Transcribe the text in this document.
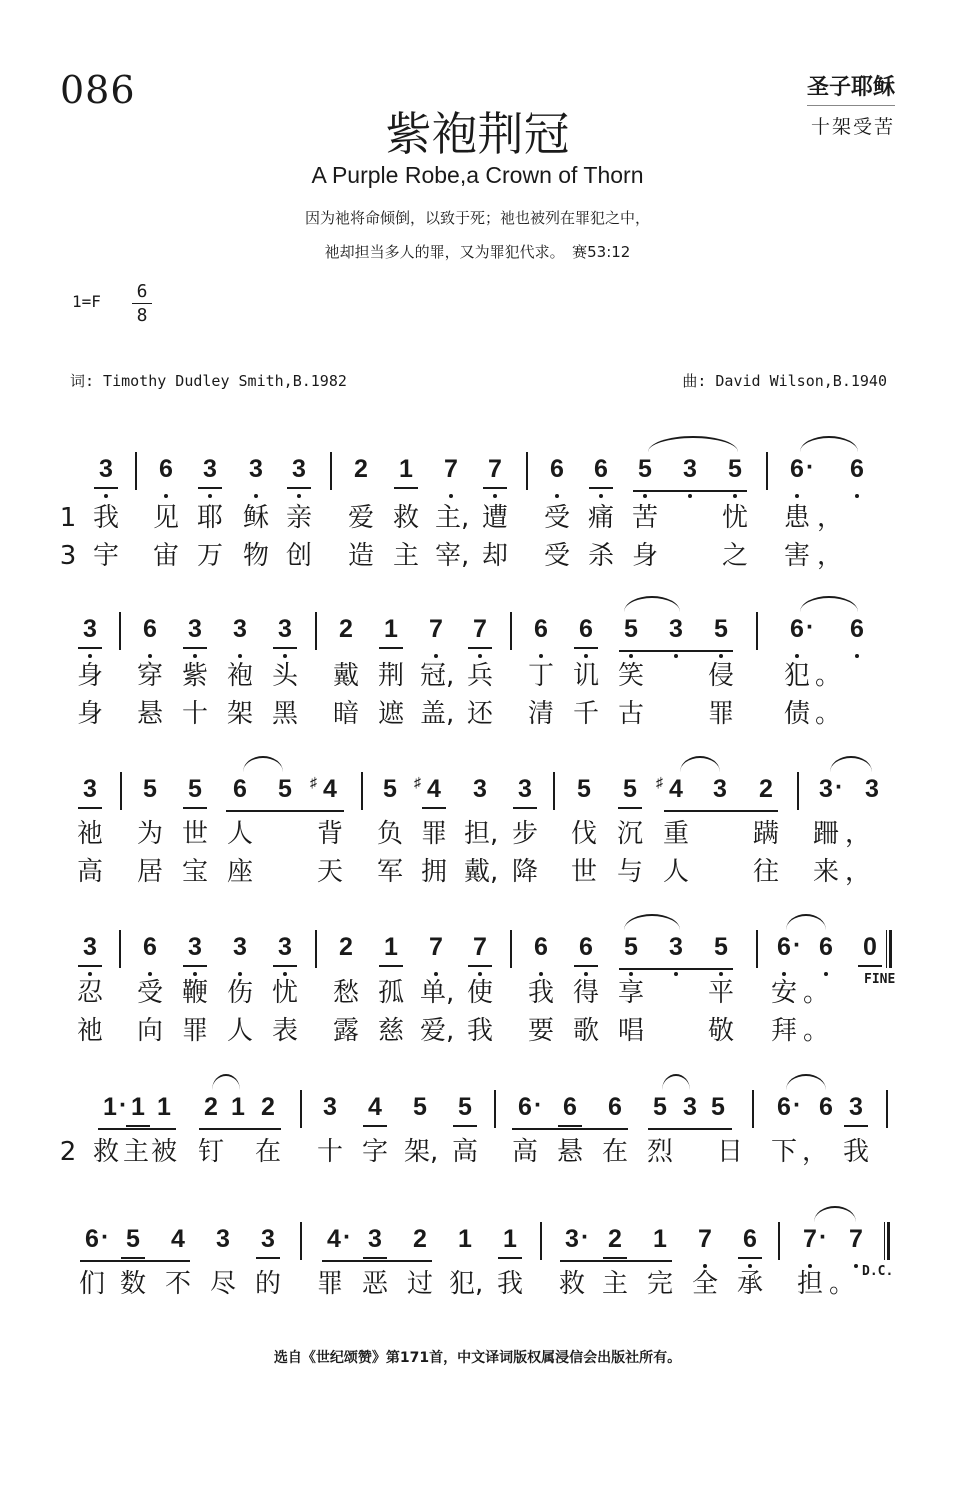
086	圣子耶稣
十架受苦
紫袍荆冠
A Purple Robe,a Crown of Thorn
因为祂将命倾倒，以致于死；祂也被列在罪犯之中，
祂却担当多人的罪，又为罪犯代求。　赛53:12
1=F 6
8
词: Timothy Dudley Smith,B.1982	曲: David Wilson,B.1940
3 6 3 3 3 2 1 7 7 6 6 5 3 5 6 · 6
1 我 见 耶 稣 亲 爱 救 主, 遭 受 痛 苦 忧 患 ，
3 宇 宙 万 物 创 造 主 宰, 却 受 杀 身 之 害 ，
3 6 3 3 3 2 1 7 7 6 6 5 3 5 6 · 6
身 穿 紫 袍 头 戴 荆 冠, 兵 丁 讥 笑 侵 犯 。
身 悬 十 架 黑 暗 遮 盖, 还 清 千 古 罪 债 。
3 5 5 6 5	♯ 4 5	♯ 4 3 3 5 5	♯ 4 3 2 3 · 3
祂 为 世 人 背 负 罪 担, 步 伐 沉 重 蹒 跚 ，
高 居 宝 座 天 军 拥 戴, 降 世 与 人 往 来 ，
3 6 3 3 3 2 1 7 7 6 6 5 3 5 6 · 6 0
FINE
忍 受 鞭 伤 忧 愁 孤 单, 使 我 得 享 平 安 。
祂 向 罪 人 表 露 慈 爱, 我 要 歌 唱 敬 拜 。
1 · 1 1 2 1 2 3 4 5 5 6 · 6 6 5 3 5 6 · 6 3
2 救 主 被 钉 在 十 字 架, 高 高 悬 在 烈 日 下 ， 我
6 · 5 4 3 3 4 · 3 2 1 1 3 · 2 1 7 6 7 · 7
D.C.
们 数 不 尽 的 罪 恶 过 犯, 我 救 主 完 全 承 担 。
选自《世纪颂赞》第171首，中文译词版权属浸信会出版社所有。
